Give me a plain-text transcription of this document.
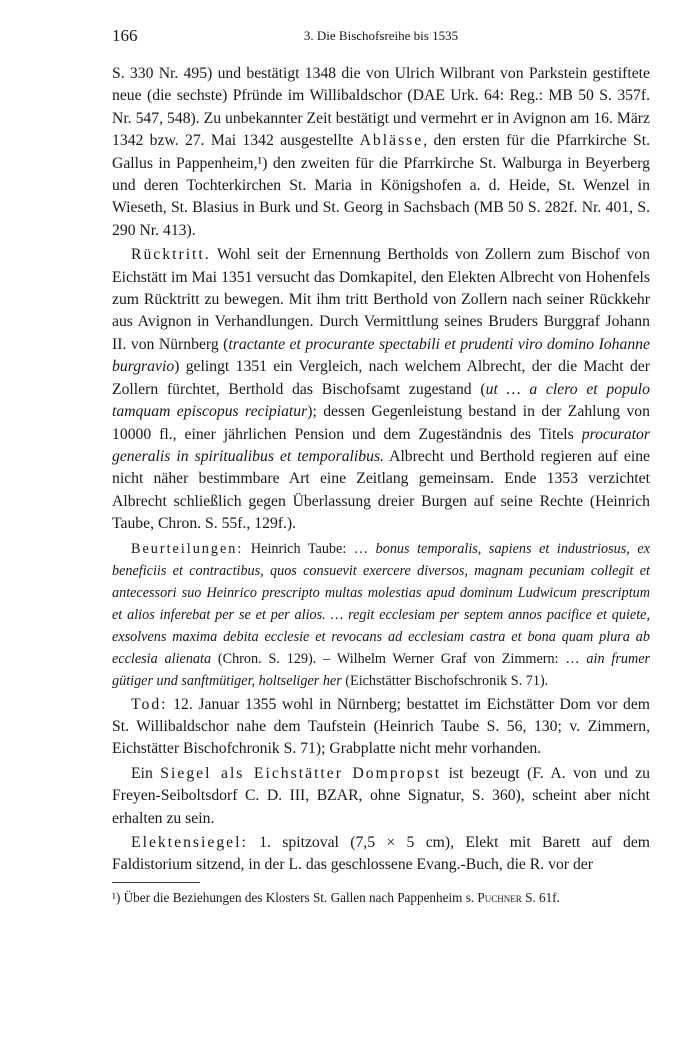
166	3. Die Bischofsreihe bis 1535

S. 330 Nr. 495) und bestätigt 1348 die von Ulrich Wilbrant von Parkstein gestiftete neue (die sechste) Pfründe im Willibaldschor (DAE Urk. 64: Reg.: MB 50 S. 357f. Nr. 547, 548). Zu unbekannter Zeit bestätigt und vermehrt er in Avignon am 16. März 1342 bzw. 27. Mai 1342 ausgestellte Ablässe, den ersten für die Pfarrkirche St. Gallus in Pappenheim,¹) den zweiten für die Pfarrkirche St. Walburga in Beyerberg und deren Tochterkirchen St. Maria in Königshofen a. d. Heide, St. Wenzel in Wieseth, St. Blasius in Burk und St. Georg in Sachsbach (MB 50 S. 282f. Nr. 401, S. 290 Nr. 413).

Rücktritt. Wohl seit der Ernennung Bertholds von Zollern zum Bischof von Eichstätt im Mai 1351 versucht das Domkapitel, den Elekten Albrecht von Hohenfels zum Rücktritt zu bewegen. Mit ihm tritt Berthold von Zollern nach seiner Rückkehr aus Avignon in Verhandlungen. Durch Vermittlung seines Bruders Burggraf Johann II. von Nürnberg (tractante et procurante spectabili et prudenti viro domino Iohanne burgravio) gelingt 1351 ein Vergleich, nach welchem Albrecht, der die Macht der Zollern fürchtet, Berthold das Bischofsamt zugestand (ut … a clero et populo tamquam episcopus recipiatur); dessen Gegenleistung bestand in der Zahlung von 10000 fl., einer jährlichen Pension und dem Zugeständnis des Titels procurator generalis in spiritualibus et temporalibus. Albrecht und Berthold regieren auf eine nicht näher bestimmbare Art eine Zeitlang gemeinsam. Ende 1353 verzichtet Albrecht schließlich gegen Überlassung dreier Burgen auf seine Rechte (Heinrich Taube, Chron. S. 55f., 129f.).

Beurteilungen: Heinrich Taube: … bonus temporalis, sapiens et industriosus, ex beneficiis et contractibus, quos consuevit exercere diversos, magnam pecuniam collegit et antecessori suo Heinrico prescripto multas molestias apud dominum Ludwicum prescriptum et alios inferebat per se et per alios. … regit ecclesiam per septem annos pacifice et quiete, exsolvens maxima debita ecclesie et revocans ad ecclesiam castra et bona quam plura ab ecclesia alienata (Chron. S. 129). – Wilhelm Werner Graf von Zimmern: … ain frumer gütiger und sanftmütiger, holtseliger her (Eichstätter Bischofschronik S. 71).

Tod: 12. Januar 1355 wohl in Nürnberg; bestattet im Eichstätter Dom vor dem St. Willibaldschor nahe dem Taufstein (Heinrich Taube S. 56, 130; v. Zimmern, Eichstätter Bischofchronik S. 71); Grabplatte nicht mehr vorhanden.

Ein Siegel als Eichstätter Dompropst ist bezeugt (F. A. von und zu Freyen-Seiboltsdorf C. D. III, BZAR, ohne Signatur, S. 360), scheint aber nicht erhalten zu sein.

Elektensiegel: 1. spitzoval (7,5 × 5 cm), Elekt mit Barett auf dem Faldistorium sitzend, in der L. das geschlossene Evang.-Buch, die R. vor der

¹) Über die Beziehungen des Klosters St. Gallen nach Pappenheim s. Puchner S. 61f.
